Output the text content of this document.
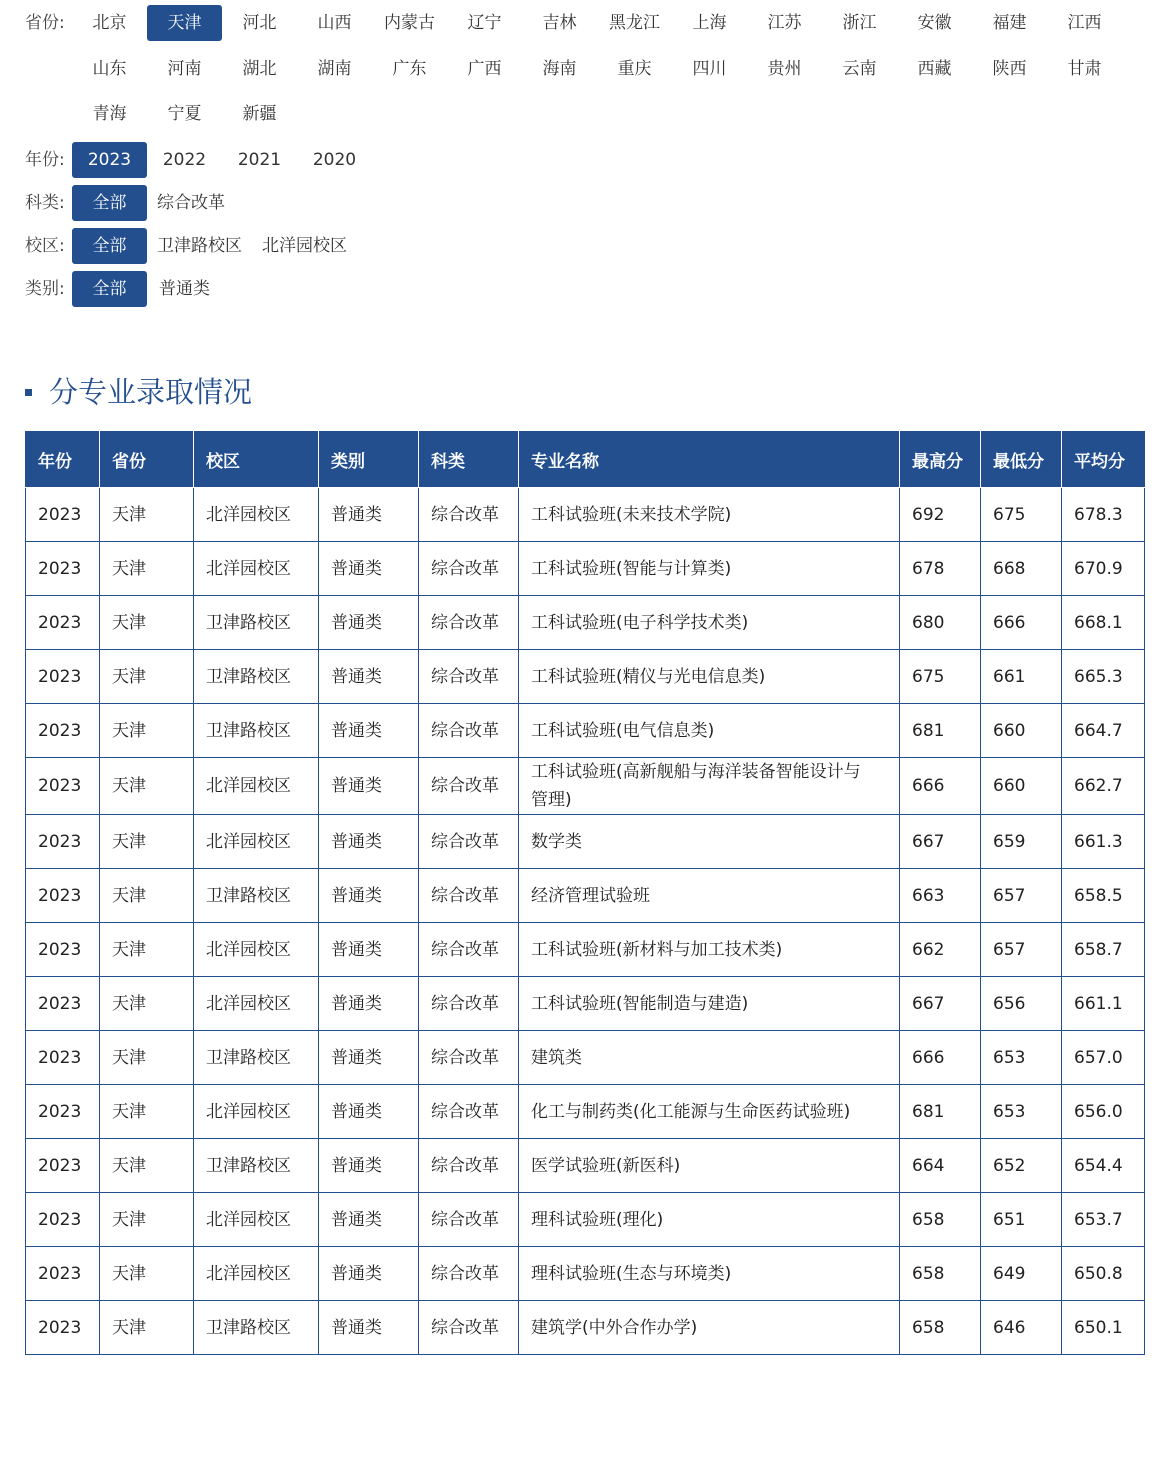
省份:	北京	天津	河北	山西	内蒙古	辽宁	吉林	黑龙江	上海	江苏	浙江	安徽	福建	江西
山东	河南	湖北	湖南	广东	广西	海南	重庆	四川	贵州	云南	西藏	陕西	甘肃
青海	宁夏	新疆
年份:	2023	2022	2021	2020
科类:	全部	综合改革
校区:	全部	卫津路校区	北洋园校区
类别:	全部	普通类
分专业录取情况
年份	省份	校区	类别	科类	专业名称	最高分	最低分	平均分
2023	天津	北洋园校区	普通类	综合改革	工科试验班(未来技术学院)	692	675	678.3
2023	天津	北洋园校区	普通类	综合改革	工科试验班(智能与计算类)	678	668	670.9
2023	天津	卫津路校区	普通类	综合改革	工科试验班(电子科学技术类)	680	666	668.1
2023	天津	卫津路校区	普通类	综合改革	工科试验班(精仪与光电信息类)	675	661	665.3
2023	天津	卫津路校区	普通类	综合改革	工科试验班(电气信息类)	681	660	664.7
2023	天津	北洋园校区	普通类	综合改革	工科试验班(高新舰船与海洋装备智能设计与管理)	666	660	662.7
2023	天津	北洋园校区	普通类	综合改革	数学类	667	659	661.3
2023	天津	卫津路校区	普通类	综合改革	经济管理试验班	663	657	658.5
2023	天津	北洋园校区	普通类	综合改革	工科试验班(新材料与加工技术类)	662	657	658.7
2023	天津	北洋园校区	普通类	综合改革	工科试验班(智能制造与建造)	667	656	661.1
2023	天津	卫津路校区	普通类	综合改革	建筑类	666	653	657.0
2023	天津	北洋园校区	普通类	综合改革	化工与制药类(化工能源与生命医药试验班)	681	653	656.0
2023	天津	卫津路校区	普通类	综合改革	医学试验班(新医科)	664	652	654.4
2023	天津	北洋园校区	普通类	综合改革	理科试验班(理化)	658	651	653.7
2023	天津	北洋园校区	普通类	综合改革	理科试验班(生态与环境类)	658	649	650.8
2023	天津	卫津路校区	普通类	综合改革	建筑学(中外合作办学)	658	646	650.1
